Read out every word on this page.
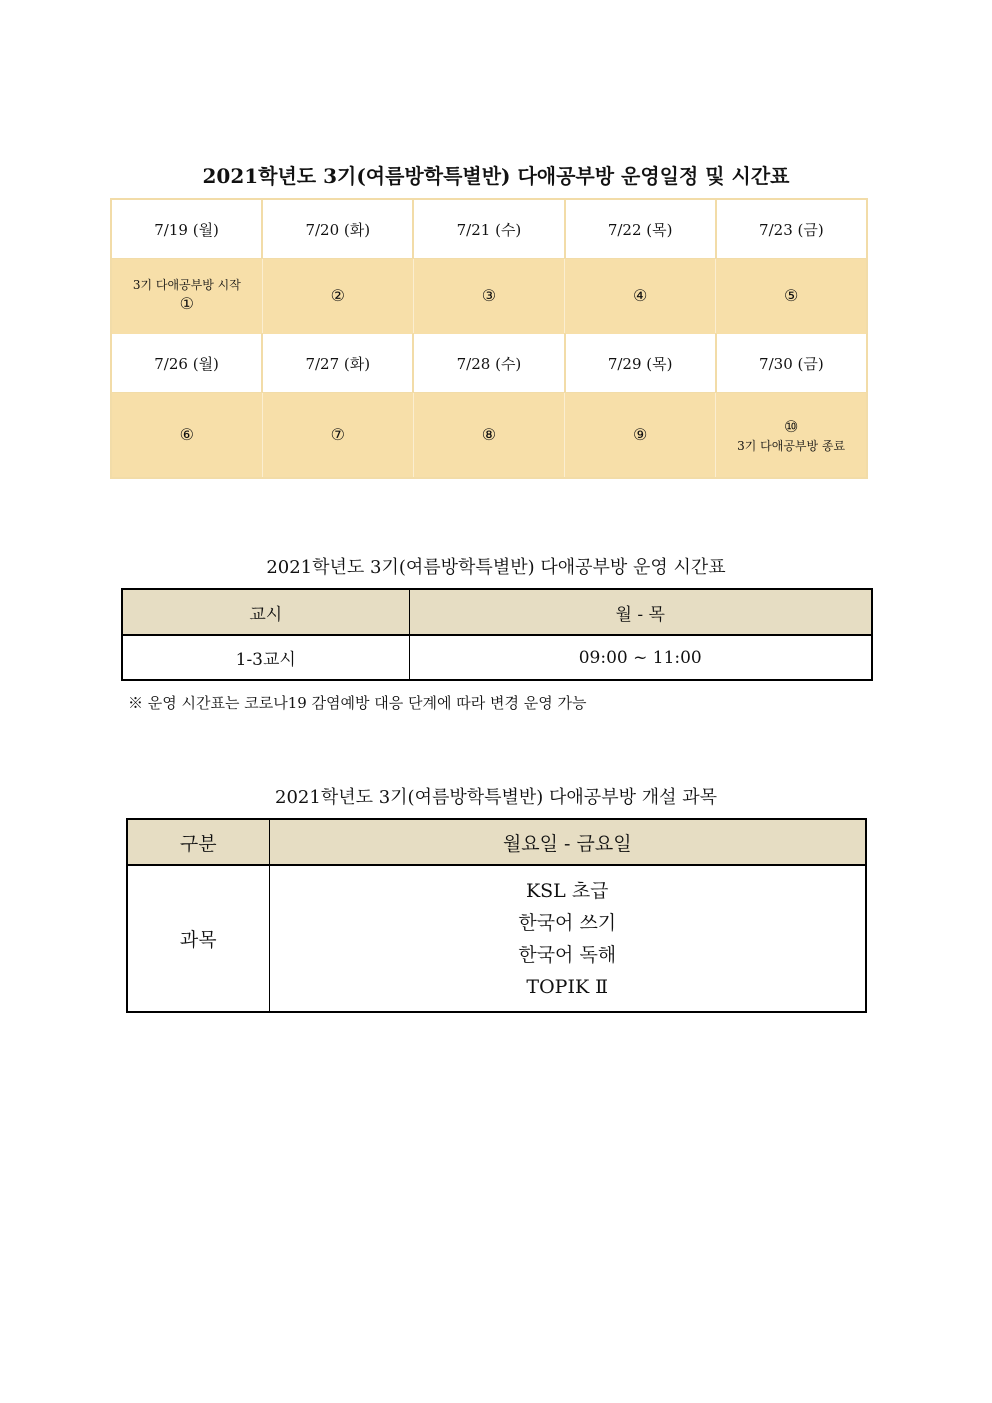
2021학년도 3기(여름방학특별반) 다애공부방 운영일정 및 시간표
7/19 (월)	7/20 (화)	7/21 (수)	7/22 (목)	7/23 (금)

3기 다애공부방 시작
①	②	③	④	⑤

7/26 (월)	7/27 (화)	7/28 (수)	7/29 (목)	7/30 (금)

⑥	⑦	⑧	⑨	⑩
3기 다애공부방 종료
2021학년도 3기(여름방학특별반) 다애공부방 운영 시간표
교시	월 - 목
1-3교시	09:00 ~ 11:00
※ 운영 시간표는 코로나19 감염예방 대응 단계에 따라 변경 운영 가능
2021학년도 3기(여름방학특별반) 다애공부방 개설 과목
구분	월요일 - 금요일
과목	KSL 초급
한국어 쓰기
한국어 독해
TOPIK Ⅱ
